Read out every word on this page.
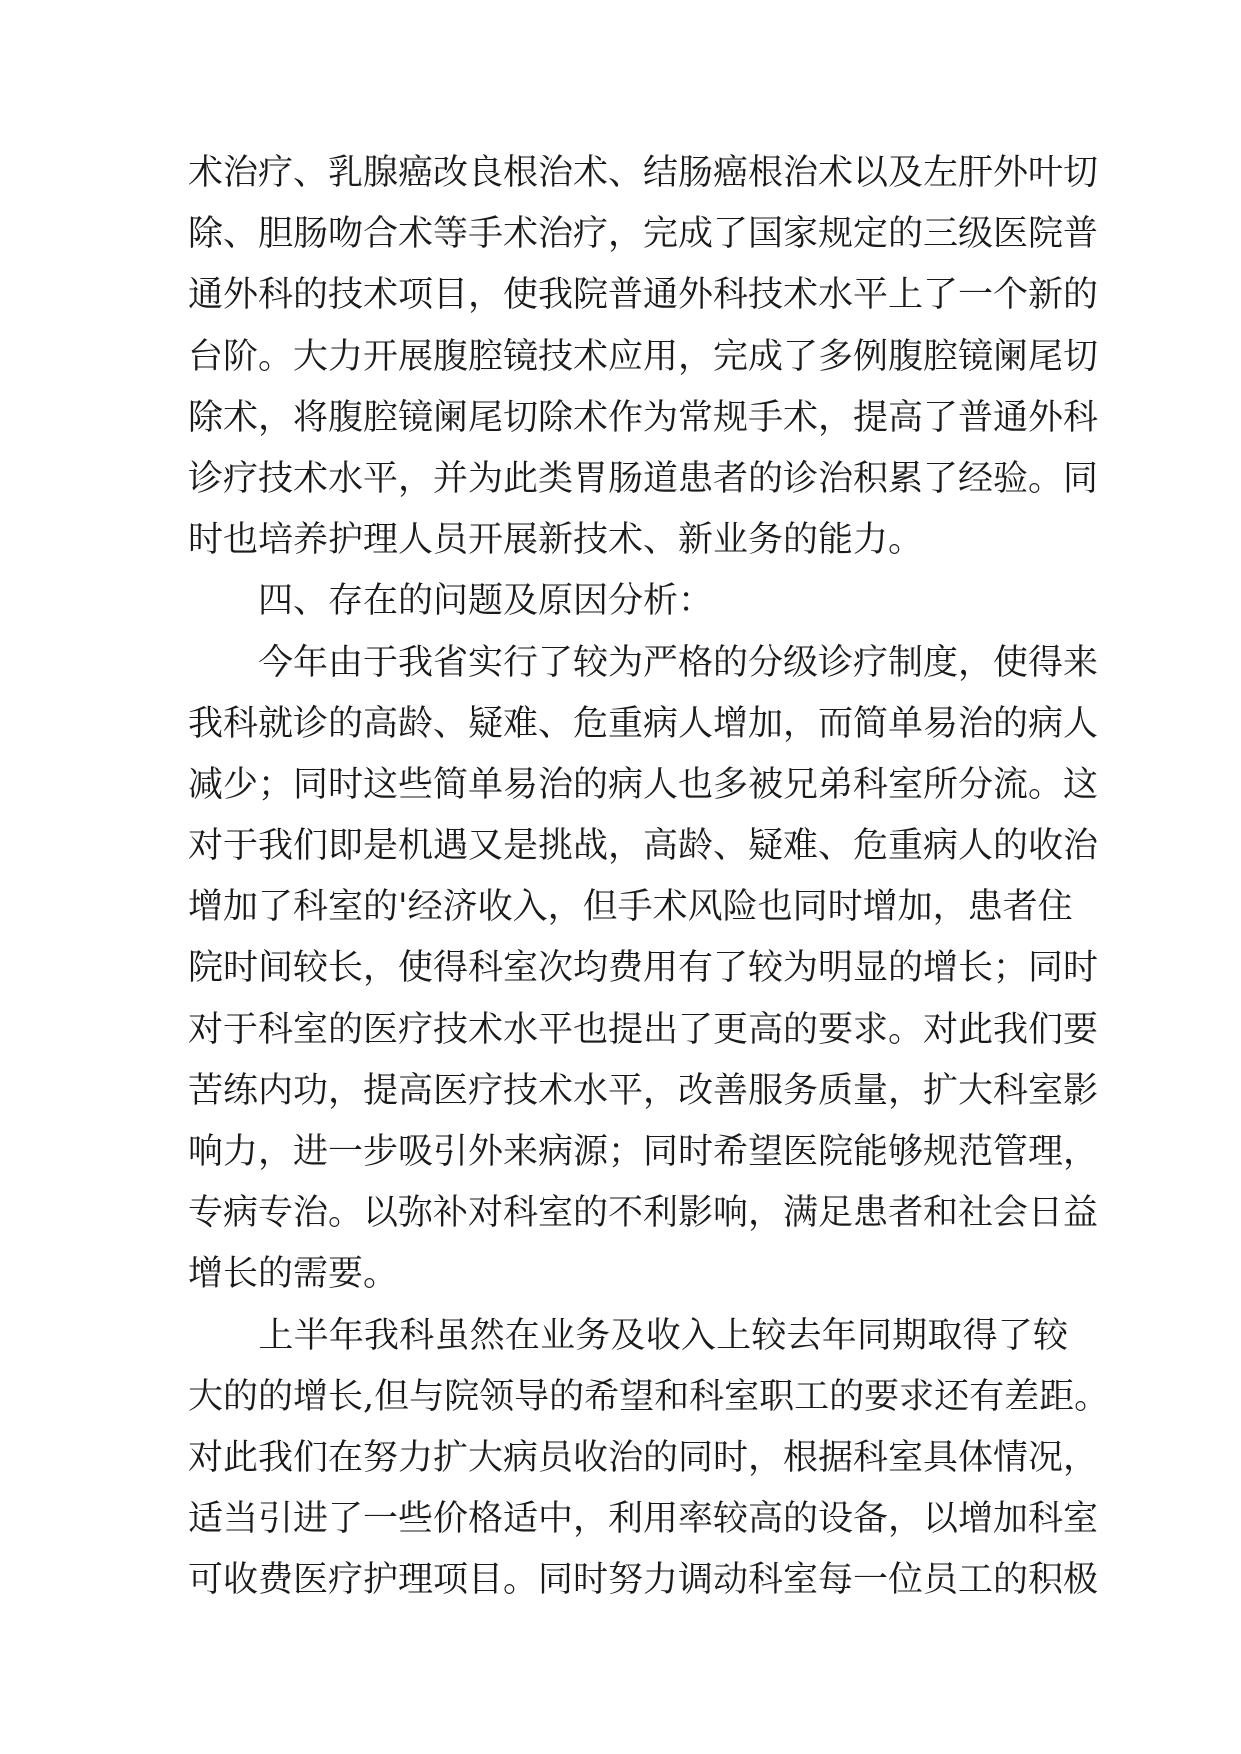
术治疗、乳腺癌改良根治术、结肠癌根治术以及左肝外叶切
除、胆肠吻合术等手术治疗，完成了国家规定的三级医院普
通外科的技术项目，使我院普通外科技术水平上了一个新的
台阶。大力开展腹腔镜技术应用，完成了多例腹腔镜阑尾切
除术，将腹腔镜阑尾切除术作为常规手术，提高了普通外科
诊疗技术水平，并为此类胃肠道患者的诊治积累了经验。同
时也培养护理人员开展新技术、新业务的能力。
　　四、存在的问题及原因分析：
　　今年由于我省实行了较为严格的分级诊疗制度，使得来
我科就诊的高龄、疑难、危重病人增加，而简单易治的病人
减少；同时这些简单易治的病人也多被兄弟科室所分流。这
对于我们即是机遇又是挑战，高龄、疑难、危重病人的收治
增加了科室的'经济收入，但手术风险也同时增加，患者住
院时间较长，使得科室次均费用有了较为明显的增长；同时
对于科室的医疗技术水平也提出了更高的要求。对此我们要
苦练内功，提高医疗技术水平，改善服务质量，扩大科室影
响力，进一步吸引外来病源；同时希望医院能够规范管理，
专病专治。以弥补对科室的不利影响，满足患者和社会日益
增长的需要。
　　上半年我科虽然在业务及收入上较去年同期取得了较
大的的增长,但与院领导的希望和科室职工的要求还有差距。
对此我们在努力扩大病员收治的同时，根据科室具体情况，
适当引进了一些价格适中，利用率较高的设备，以增加科室
可收费医疗护理项目。同时努力调动科室每一位员工的积极
